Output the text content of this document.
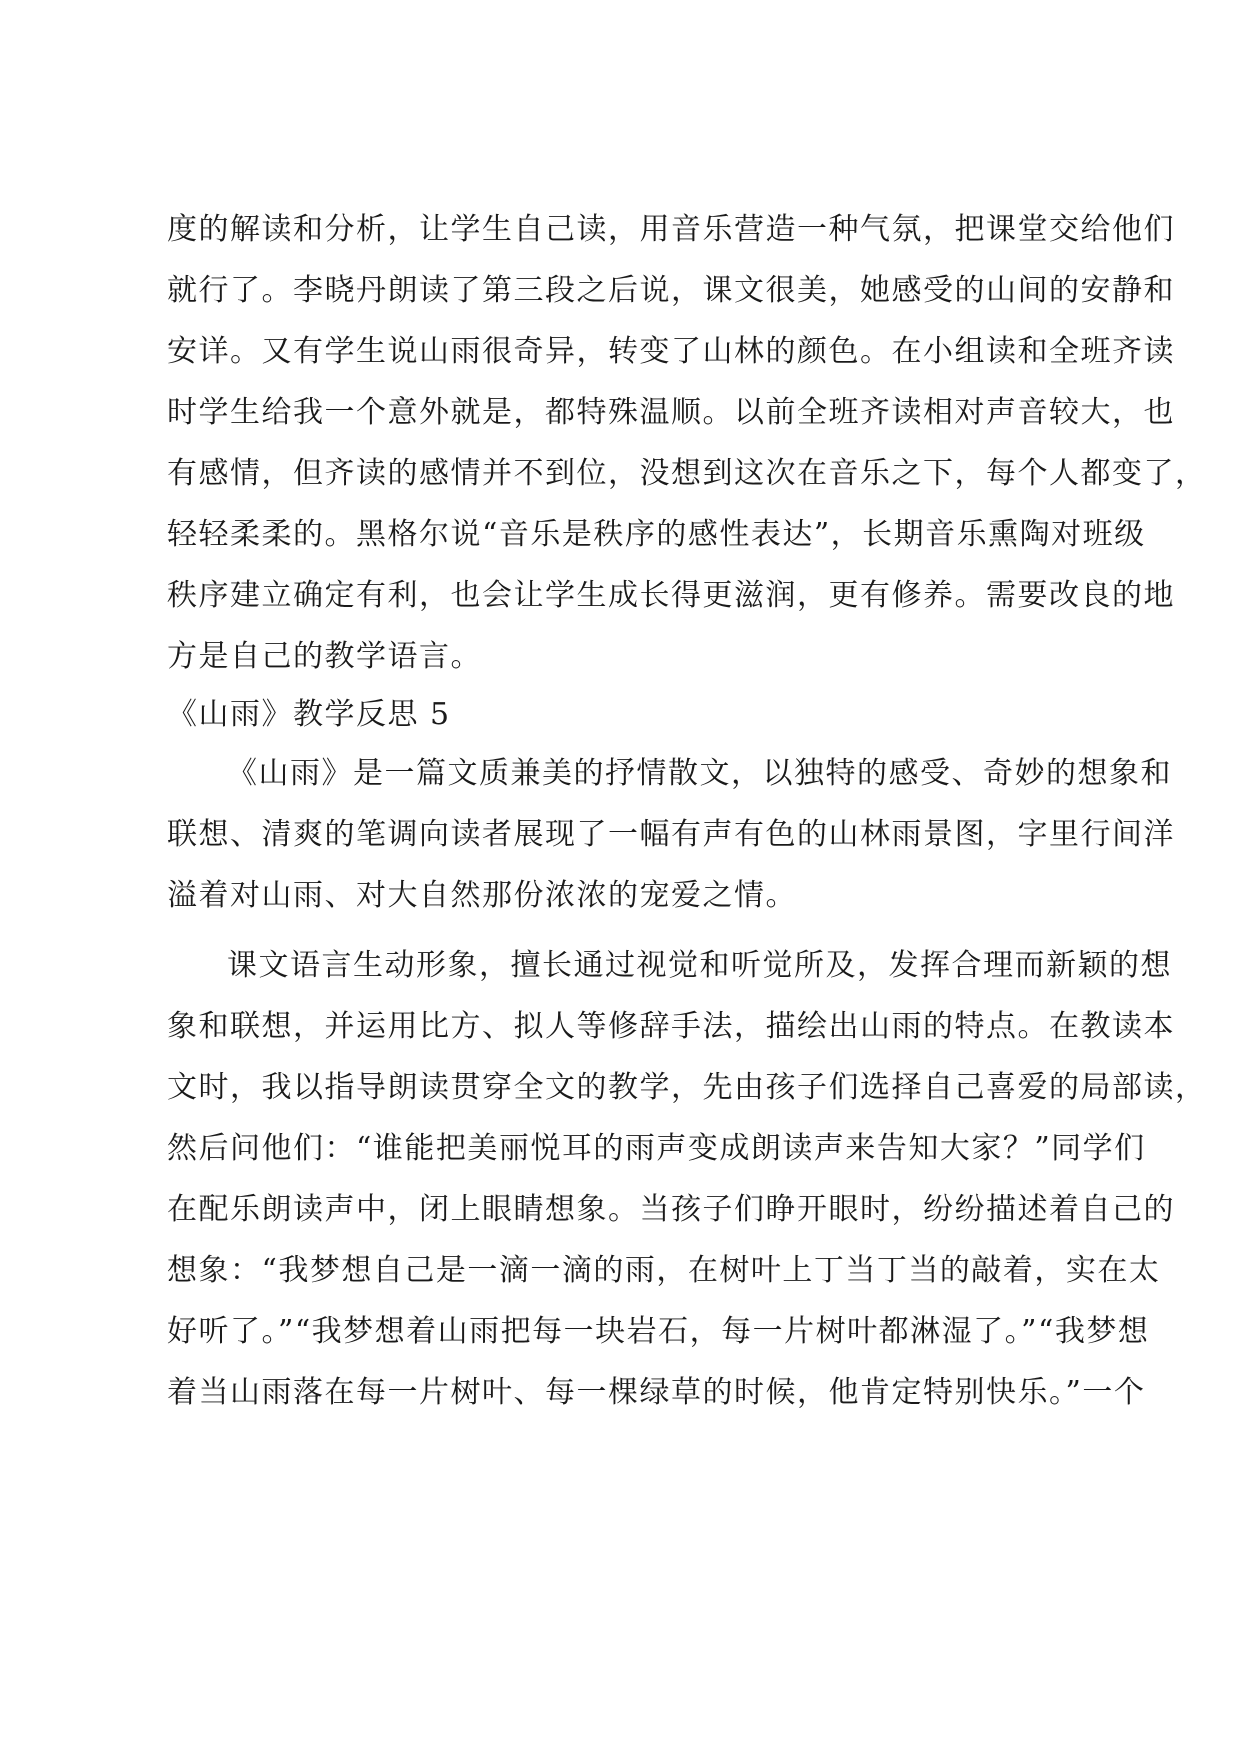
度的解读和分析，让学生自己读，用音乐营造一种气氛，把课堂交给他们
就行了。李晓丹朗读了第三段之后说，课文很美，她感受的山间的安静和
安详。又有学生说山雨很奇异，转变了山林的颜色。在小组读和全班齐读
时学生给我一个意外就是，都特殊温顺。以前全班齐读相对声音较大，也
有感情，但齐读的感情并不到位，没想到这次在音乐之下，每个人都变了，
轻轻柔柔的。黑格尔说“音乐是秩序的感性表达”，长期音乐熏陶对班级
秩序建立确定有利，也会让学生成长得更滋润，更有修养。需要改良的地
方是自己的教学语言。
《山雨》教学反思 5
《山雨》是一篇文质兼美的抒情散文，以独特的感受、奇妙的想象和
联想、清爽的笔调向读者展现了一幅有声有色的山林雨景图，字里行间洋
溢着对山雨、对大自然那份浓浓的宠爱之情。
课文语言生动形象，擅长通过视觉和听觉所及，发挥合理而新颖的想
象和联想，并运用比方、拟人等修辞手法，描绘出山雨的特点。在教读本
文时，我以指导朗读贯穿全文的教学，先由孩子们选择自己喜爱的局部读，
然后问他们：“谁能把美丽悦耳的雨声变成朗读声来告知大家？”同学们
在配乐朗读声中，闭上眼睛想象。当孩子们睁开眼时，纷纷描述着自己的
想象：“我梦想自己是一滴一滴的雨，在树叶上丁当丁当的敲着，实在太
好听了。”“我梦想着山雨把每一块岩石，每一片树叶都淋湿了。”“我梦想
着当山雨落在每一片树叶、每一棵绿草的时候，他肯定特别快乐。”一个
